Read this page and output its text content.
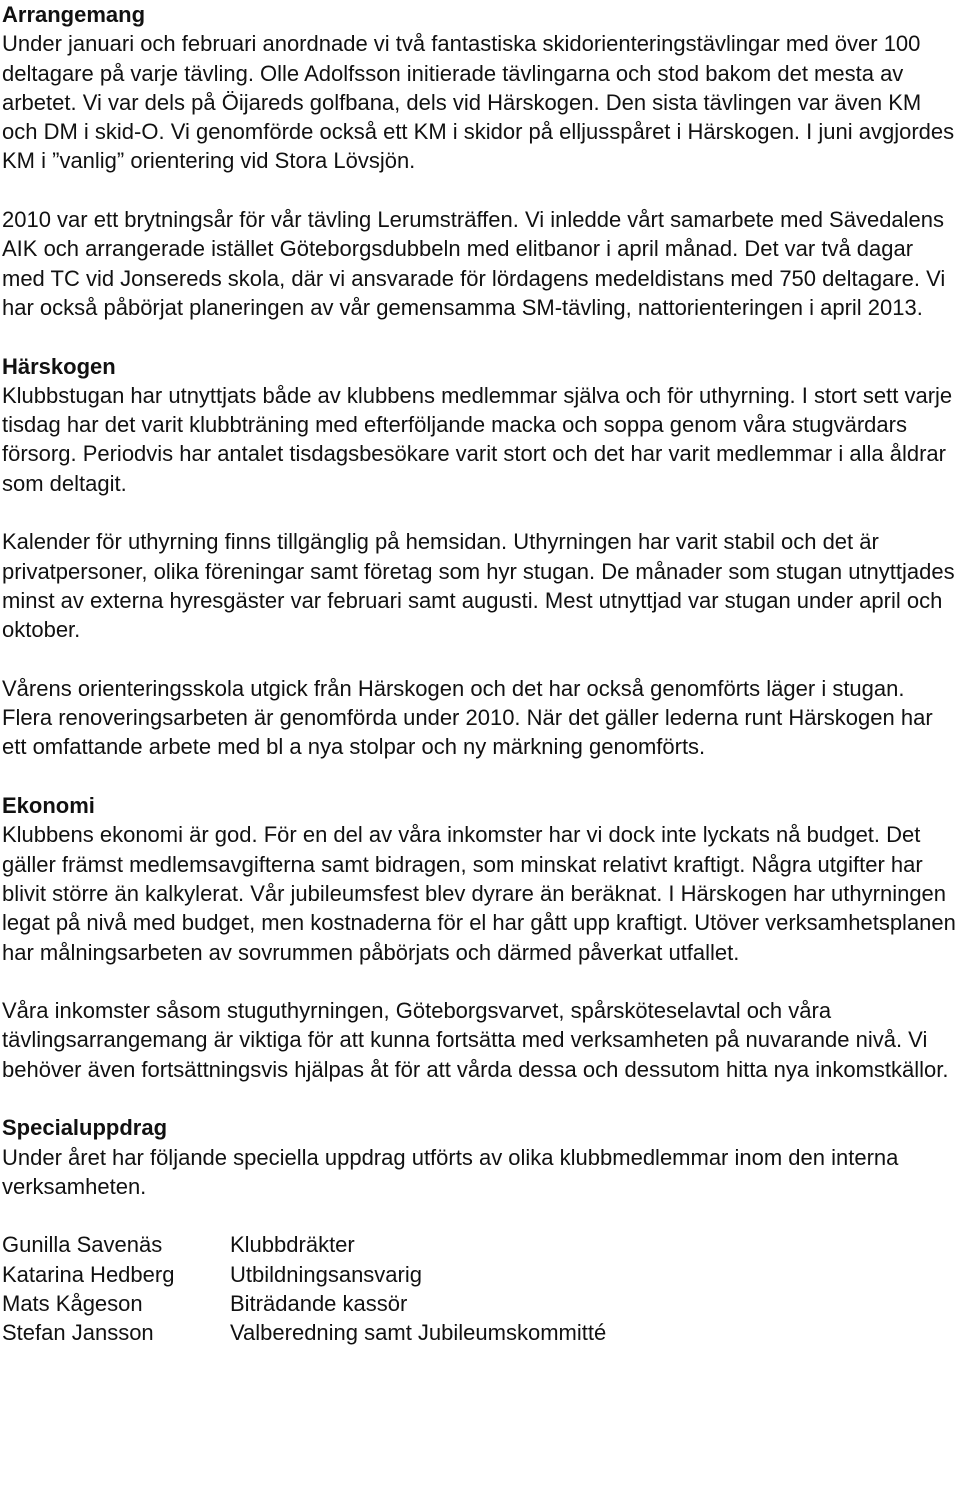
Arrangemang

Under januari och februari anordnade vi två fantastiska skidorienteringstävlingar med över 100 deltagare på varje tävling. Olle Adolfsson initierade tävlingarna och stod bakom det mesta av arbetet. Vi var dels på Öijareds golfbana, dels vid Härskogen. Den sista tävlingen var även KM och DM i skid-O. Vi genomförde också ett KM i skidor på elljusspåret i Härskogen. I juni avgjordes KM i ”vanlig” orientering vid Stora Lövsjön.

2010 var ett brytningsår för vår tävling Lerumsträffen. Vi inledde vårt samarbete med Sävedalens AIK och arrangerade istället Göteborgsdubbeln med elitbanor i april månad. Det var två dagar med TC vid Jonsereds skola, där vi ansvarade för lördagens medeldistans med 750 deltagare. Vi har också påbörjat planeringen av vår gemensamma SM-tävling, nattorienteringen i april 2013.

Härskogen

Klubbstugan har utnyttjats både av klubbens medlemmar själva och för uthyrning. I stort sett varje tisdag har det varit klubbträning med efterföljande macka och soppa genom våra stugvärdars försorg. Periodvis har antalet tisdagsbesökare varit stort och det har varit medlemmar i alla åldrar som deltagit.

Kalender för uthyrning finns tillgänglig på hemsidan. Uthyrningen har varit stabil och det är privatpersoner, olika föreningar samt företag som hyr stugan. De månader som stugan utnyttjades minst av externa hyresgäster var februari samt augusti. Mest utnyttjad var stugan under april och oktober.

Vårens orienteringsskola utgick från Härskogen och det har också genomförts läger i stugan. Flera renoveringsarbeten är genomförda under 2010. När det gäller lederna runt Härskogen har ett omfattande arbete med bl a nya stolpar och ny märkning genomförts.

Ekonomi

Klubbens ekonomi är god. För en del av våra inkomster har vi dock inte lyckats nå budget. Det gäller främst medlemsavgifterna samt bidragen, som minskat relativt kraftigt. Några utgifter har blivit större än kalkylerat. Vår jubileumsfest blev dyrare än beräknat. I Härskogen har uthyrningen legat på nivå med budget, men kostnaderna för el har gått upp kraftigt. Utöver verksamhetsplanen har målningsarbeten av sovrummen påbörjats och därmed påverkat utfallet.

Våra inkomster såsom stuguthyrningen, Göteborgsvarvet, spårsköteselavtal och våra tävlingsarrangemang är viktiga för att kunna fortsätta med verksamheten på nuvarande nivå. Vi behöver även fortsättningsvis hjälpas åt för att vårda dessa och dessutom hitta nya inkomstkällor.

Specialuppdrag

Under året har följande speciella uppdrag utförts av olika klubbmedlemmar inom den interna verksamheten.

Gunilla Savenäs	Klubbdräkter
Katarina Hedberg	Utbildningsansvarig
Mats Kågeson	Biträdande kassör
Stefan Jansson	Valberedning samt Jubileumskommitté
